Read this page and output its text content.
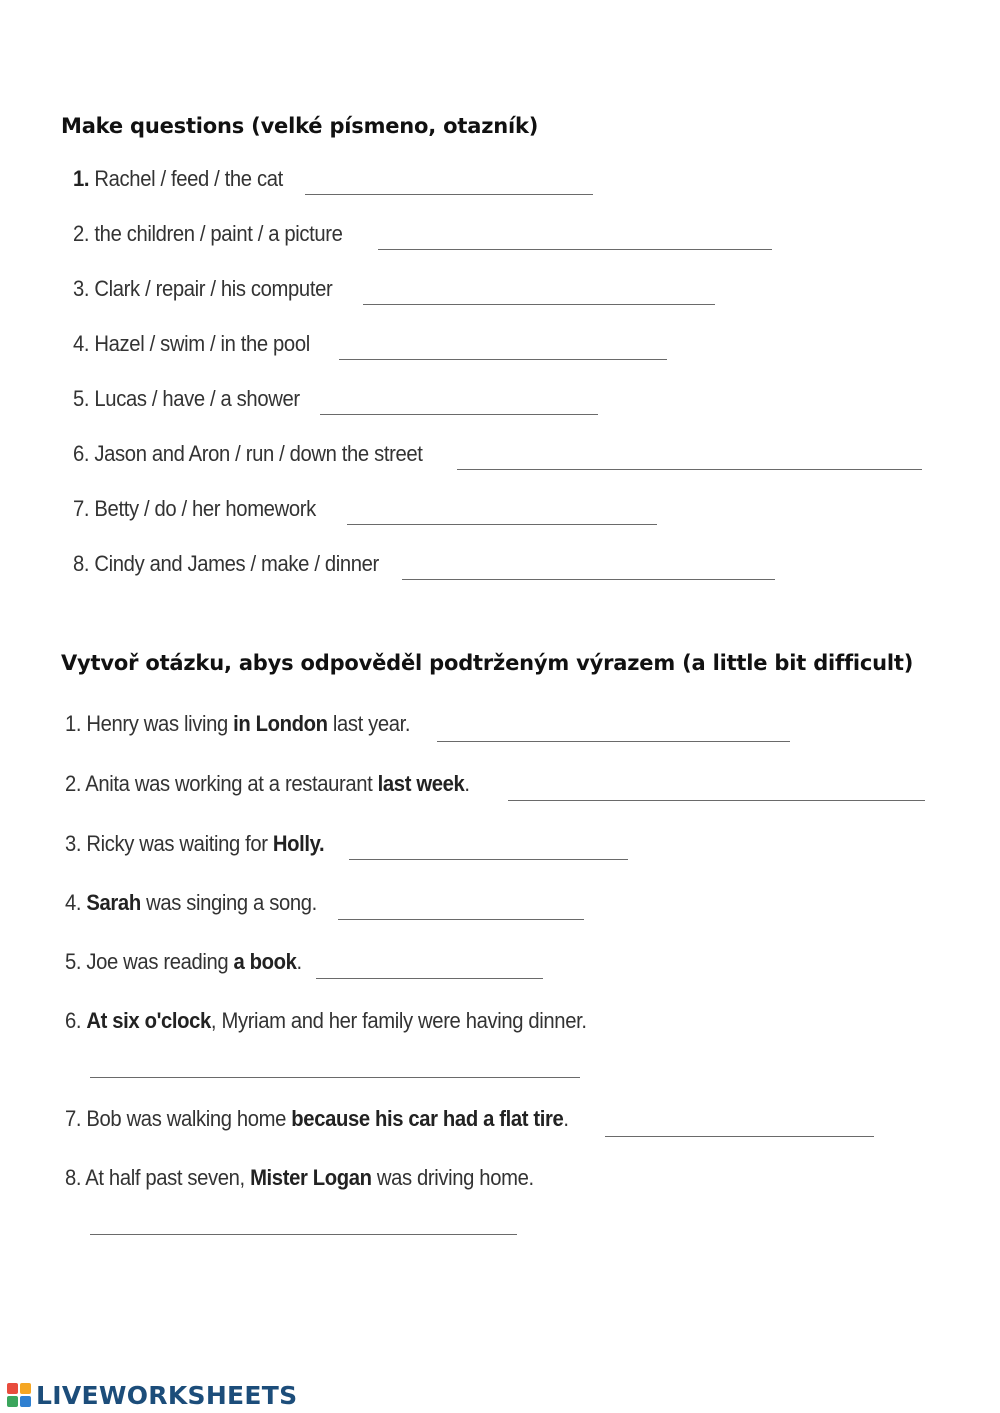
Make questions (velké písmeno, otazník)
1. Rachel / feed / the cat
2. the children / paint / a picture
3. Clark / repair / his computer
4. Hazel / swim / in the pool
5. Lucas / have / a shower
6. Jason and Aron / run / down the street
7. Betty / do / her homework
8. Cindy and James / make / dinner
Vytvoř otázku, abys odpověděl podtrženým výrazem (a little bit difficult)
1. Henry was living in London last year.
2. Anita was working at a restaurant last week.
3. Ricky was waiting for Holly.
4. Sarah was singing a song.
5. Joe was reading a book.
6. At six o'clock, Myriam and her family were having dinner.
7. Bob was walking home because his car had a flat tire.
8. At half past seven, Mister Logan was driving home.
LIVEWORKSHEETS
